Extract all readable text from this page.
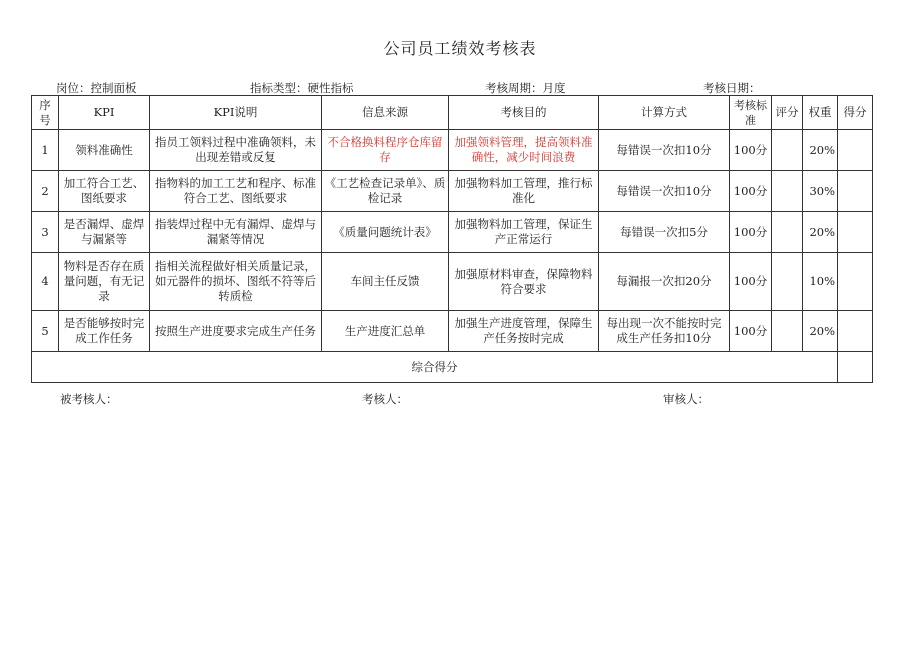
公司员工绩效考核表
岗位：控制面板	指标类型：硬性指标	考核周期：月度	考核日期：
序号	KPI	KPI说明	信息来源	考核目的	计算方式	考核标准	评分	权重	得分
1	领料准确性	指员工领料过程中准确领料，未出现差错或反复	不合格换料程序仓库留存	加强领料管理，提高领料准确性，减少时间浪费	每错误一次扣10分	100分		20%	
2	加工符合工艺、图纸要求	指物料的加工工艺和程序、标准符合工艺、图纸要求	《工艺检查记录单》、质检记录	加强物料加工管理，推行标准化	每错误一次扣10分	100分		30%	
3	是否漏焊、虚焊与漏紧等	指装焊过程中无有漏焊、虚焊与漏紧等情况	《质量问题统计表》	加强物料加工管理，保证生产正常运行	每错误一次扣5分	100分		20%	
4	物料是否存在质量问题，有无记录	指相关流程做好相关质量记录，如元器件的损坏、图纸不符等后转质检	车间主任反馈	加强原材料审查，保障物料符合要求	每漏报一次扣20分	100分		10%	
5	是否能够按时完成工作任务	按照生产进度要求完成生产任务	生产进度汇总单	加强生产进度管理，保障生产任务按时完成	每出现一次不能按时完成生产任务扣10分	100分		20%	
综合得分									
被考核人：	考核人：	审核人：
